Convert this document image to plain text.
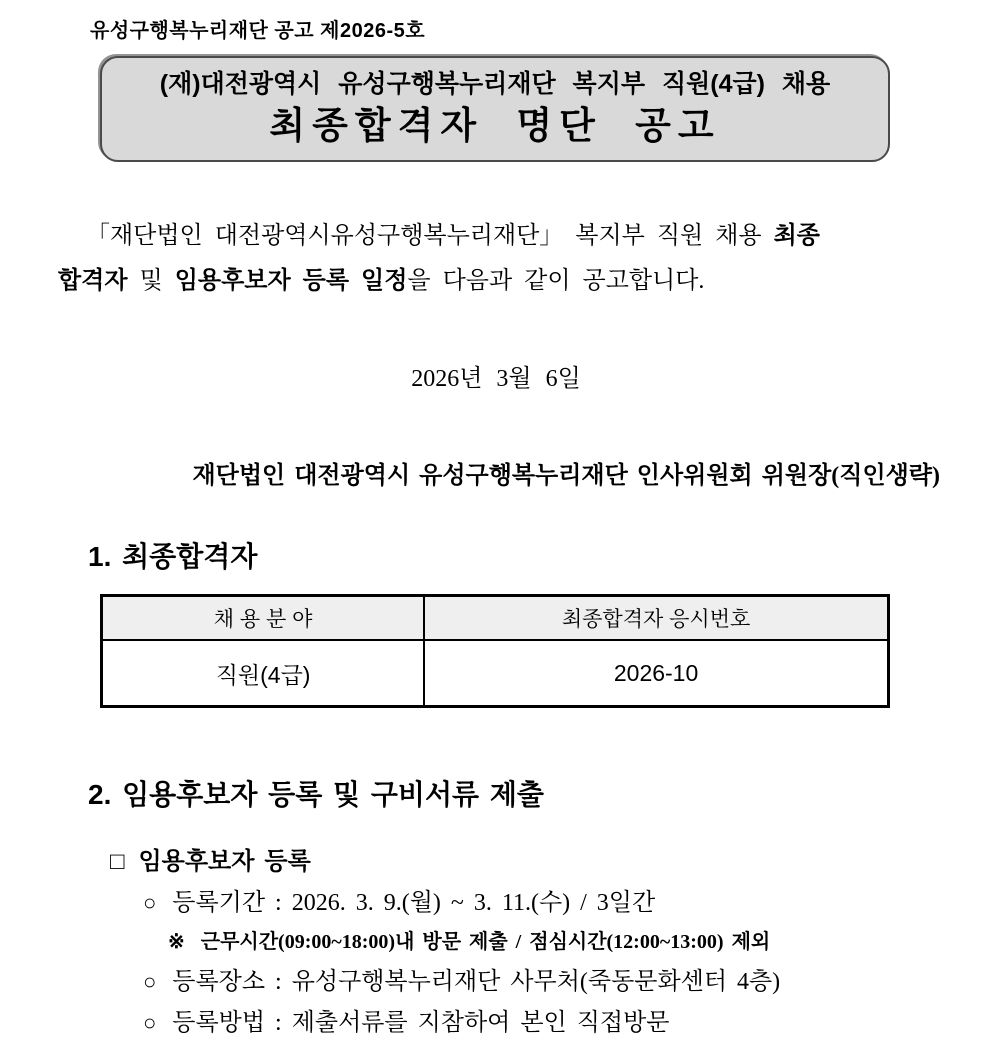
유성구행복누리재단 공고 제2026-5호
(재)대전광역시 유성구행복누리재단 복지부 직원(4급) 채용
최종합격자 명단 공고
「재단법인 대전광역시유성구행복누리재단」 복지부 직원 채용 최종
합격자 및 임용후보자 등록 일정을 다음과 같이 공고합니다.
2026년 3월 6일
재단법인 대전광역시 유성구행복누리재단 인사위원회 위원장(직인생략)
1. 최종합격자
채 용 분 야	최종합격자 응시번호
직원(4급)	2026-10
2. 임용후보자 등록 및 구비서류 제출
□ 임용후보자 등록
○ 등록기간 : 2026. 3. 9.(월) ~ 3. 11.(수) / 3일간
※ 근무시간(09:00~18:00)내 방문 제출 / 점심시간(12:00~13:00) 제외
○ 등록장소 : 유성구행복누리재단 사무처(죽동문화센터 4층)
○ 등록방법 : 제출서류를 지참하여 본인 직접방문
